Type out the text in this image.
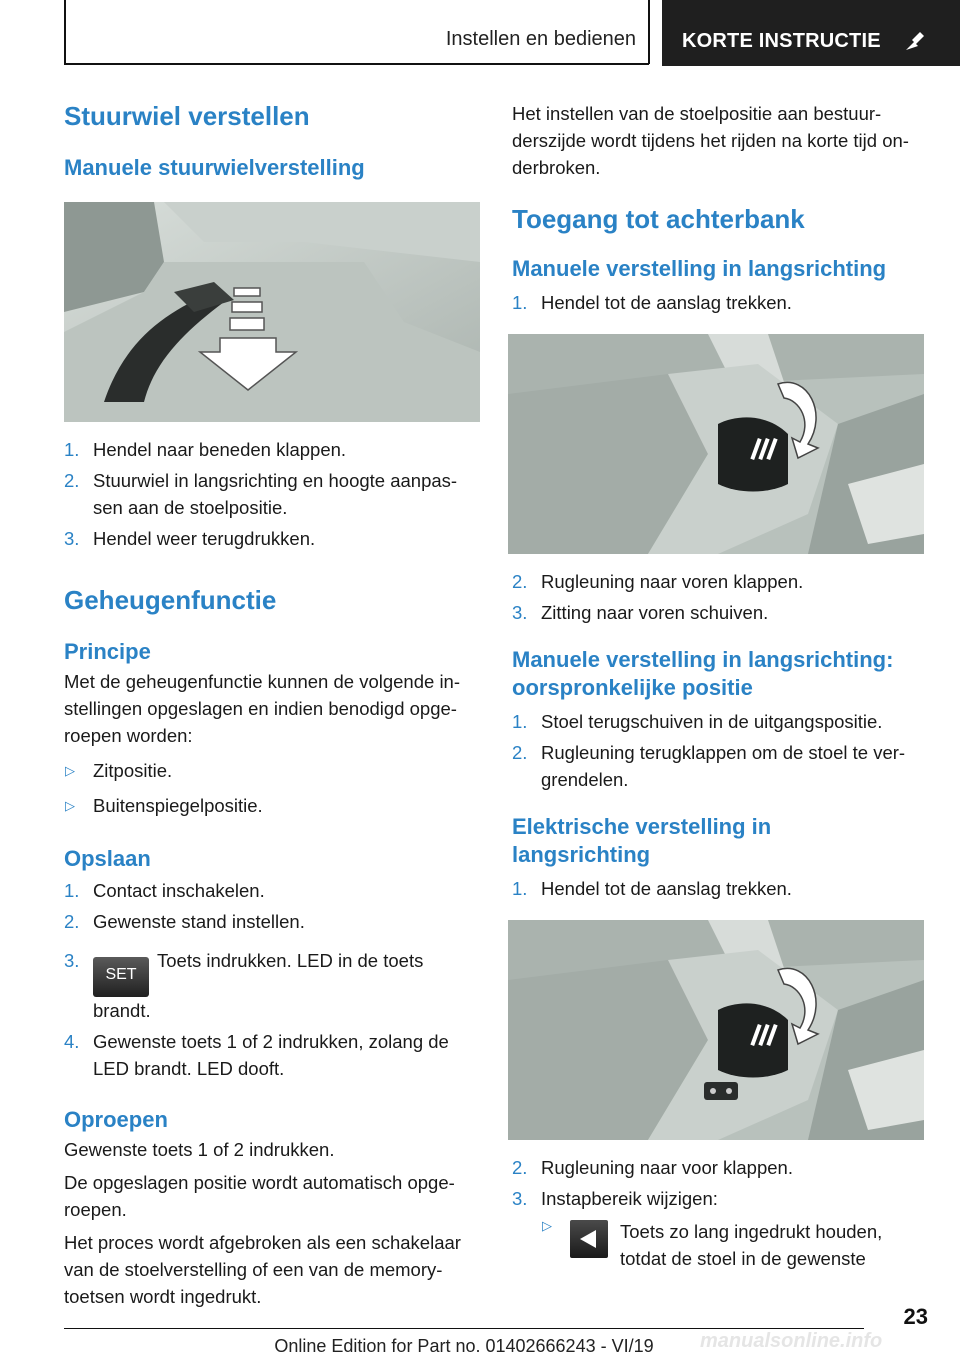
Instellen en bedienen	KORTE INSTRUCTIE
Stuurwiel verstellen
Manuele stuurwielverstelling
1. Hendel naar beneden klappen.
2. Stuurwiel in langsrichting en hoogte aanpas-sen aan de stoelpositie.
3. Hendel weer terugdrukken.
Geheugenfunctie
Principe
Met de geheugenfunctie kunnen de volgende in-stellingen opgeslagen en indien benodigd opge-roepen worden:
▷ Zitpositie.
▷ Buitenspiegelpositie.
Opslaan
1. Contact inschakelen.
2. Gewenste stand instellen.
3.
SETToets indrukken. LED in de toets brandt.
4. Gewenste toets 1 of 2 indrukken, zolang de LED brandt. LED dooft.
Oproepen
Gewenste toets 1 of 2 indrukken.
De opgeslagen positie wordt automatisch opge-roepen.
Het proces wordt afgebroken als een schakelaar van de stoelverstelling of een van de memory-toetsen wordt ingedrukt.
Het instellen van de stoelpositie aan bestuur-derszijde wordt tijdens het rijden na korte tijd on-derbroken.
Toegang tot achterbank
Manuele verstelling in langsrichting
1. Hendel tot de aanslag trekken.
2. Rugleuning naar voren klappen.
3. Zitting naar voren schuiven.
Manuele verstelling in langsrichting: oorspronkelijke positie
1. Stoel terugschuiven in de uitgangspositie.
2. Rugleuning terugklappen om de stoel te ver-grendelen.
Elektrische verstelling in langsrichting
1. Hendel tot de aanslag trekken.
2. Rugleuning naar voor klappen.
3. Instapbereik wijzigen:
▷	Toets zo lang ingedrukt houden, totdat de stoel in de gewenste
23
Online Edition for Part no. 01402666243 - VI/19	manualsonline.info
